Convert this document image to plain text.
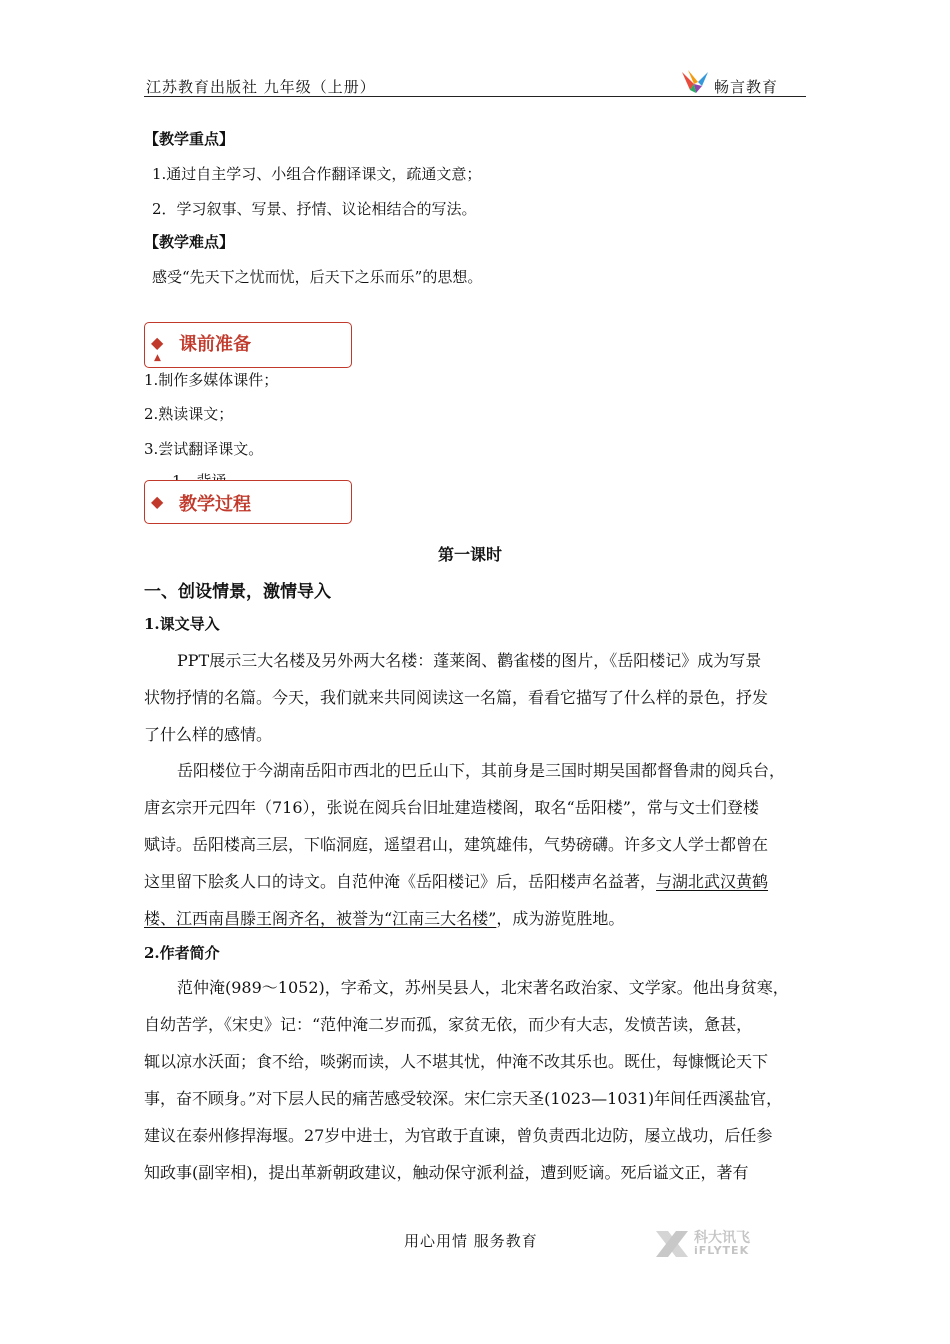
江苏教育出版社 九年级（上册）	畅言教育
【教学重点】
1.通过自主学习、小组合作翻译课文，疏通文意；
2．学习叙事、写景、抒情、议论相结合的写法。
【教学难点】
感受“先天下之忧而忧，后天下之乐而乐”的思想。
◆ 课前准备
▲
1.制作多媒体课件；
2.熟读课文；
3.尝试翻译课文。
◆ 教学过程
第一课时
一、创设情景，激情导入
1.课文导入
PPT展示三大名楼及另外两大名楼：蓬莱阁、鹳雀楼的图片，《岳阳楼记》成为写景
状物抒情的名篇。今天，我们就来共同阅读这一名篇，看看它描写了什么样的景色，抒发
了什么样的感情。
岳阳楼位于今湖南岳阳市西北的巴丘山下，其前身是三国时期吴国都督鲁肃的阅兵台，
唐玄宗开元四年（716），张说在阅兵台旧址建造楼阁，取名“岳阳楼”，常与文士们登楼
赋诗。岳阳楼高三层，下临洞庭，遥望君山，建筑雄伟，气势磅礴。许多文人学士都曾在
这里留下脍炙人口的诗文。自范仲淹《岳阳楼记》后，岳阳楼声名益著，与湖北武汉黄鹤
楼、江西南昌滕王阁齐名，被誉为“江南三大名楼”，成为游览胜地。
2.作者简介
范仲淹(989～1052)，字希文，苏州吴县人，北宋著名政治家、文学家。他出身贫寒，
自幼苦学，《宋史》记：“范仲淹二岁而孤，家贫无依，而少有大志，发愤苦读，惫甚，
辄以凉水沃面；食不给，啖粥而读，人不堪其忧，仲淹不改其乐也。既仕，每慷慨论天下
事，奋不顾身。”对下层人民的痛苦感受较深。宋仁宗天圣(1023—1031)年间任西溪盐官，
建议在泰州修捍海堰。27岁中进士，为官敢于直谏，曾负责西北边防，屡立战功，后任参
知政事(副宰相)，提出革新朝政建议，触动保守派利益，遭到贬谪。死后谥文正，著有
用心用情 服务教育	科大讯飞
iFLYTEK
